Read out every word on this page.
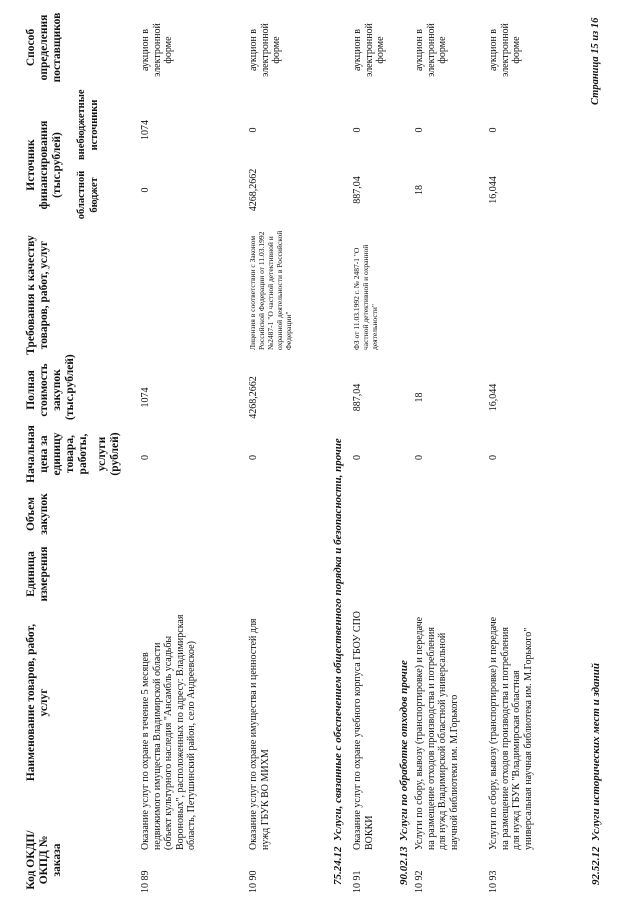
Код ОКДП/ ОКПД № заказа
Наименование товаров, работ, услуг
Единица измерения
Объем закупок
Начальная цена за единицу товара, работы, услуги (рублей)
Полная стоимость закупок (тыс.рублей)
10 89
Оказание услуг по охране в течение 5 месяцев недвижимого имущества Владимирской области (объект культурного наследия "Ансамбль усадьбы Вороновых", расположенных по адресу: Владимирская область, Петушинский район, село Андреевское)
0
1074
10 90
Оказание услуг по охране имущества и ценностей для нужд ГБУК ВО МИХМ
0
4268,2662
75.24.12  Услуги, связанные с обеспечением общественного порядка и безопасности, прочие
10 91
Оказание услуг по охране учебного корпуса ГБОУ СПО ВОККИ
0
887,04
90.02.13  Услуги по обработке отходов прочие
10 92
Услуги по сбору, вывозу (транспортировке) и передаче на размещение отходов производства и потребления для нужд Владимирской областной универсальной научной библиотеки им. М.Горького
0
18
10 93
Услуги по сбору, вывозу (транспортировке) и передаче на размещение отходов производства и потребления для нужд ГБУК "Владимирская областная универсальная научная библиотека им. М.Горького"
0
16,044
92.52.12  Услуги исторических мест и зданий
Лицензия в соответствии с Законом Российской Федерации от 11.03.1992 №2487-1 "О частной детективной и охранной деятельности в Российской Федерации"	ФЗ от 11.03.1992 г. № 2487-1 "О частной детективной и охранной деятельности"
Страница 15 из 16
Требования к качеству товаров, работ, услуг
Источник финансирования (тыс.рублей) областной бюджет
внебюджетные источники
Способ определения поставщиков
0
1074
аукцион в электронной форме
4268,2662
0
аукцион в электронной форме
887,04
0
аукцион в электронной форме
18
0
аукцион в электронной форме
16,044
0
аукцион в электронной форме
